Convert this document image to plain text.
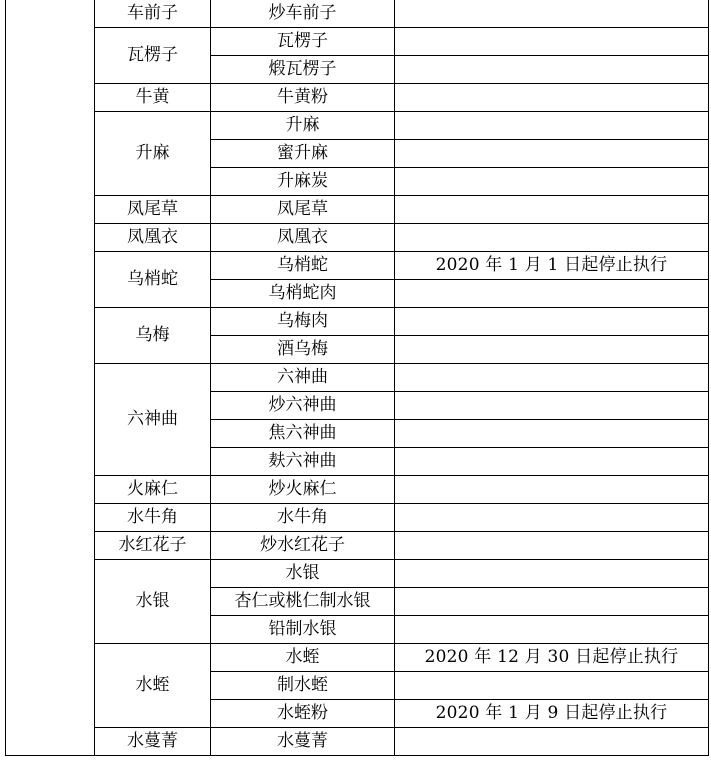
	车前子	炒车前子	
	瓦楞子	瓦楞子	
		煅瓦楞子	
	牛黄	牛黄粉	
	升麻	升麻	
		蜜升麻	
		升麻炭	
	凤尾草	凤尾草	
	凤凰衣	凤凰衣	
	乌梢蛇	乌梢蛇	2020 年 1 月 1 日起停止执行
		乌梢蛇肉	
	乌梅	乌梅肉	
		酒乌梅	
	六神曲	六神曲	
		炒六神曲	
		焦六神曲	
		麸六神曲	
	火麻仁	炒火麻仁	
	水牛角	水牛角	
	水红花子	炒水红花子	
	水银	水银	
		杏仁或桃仁制水银	
		铅制水银	
	水蛭	水蛭	2020 年 12 月 30 日起停止执行
		制水蛭	
		水蛭粉	2020 年 1 月 9 日起停止执行
	水蔓菁	水蔓菁	
